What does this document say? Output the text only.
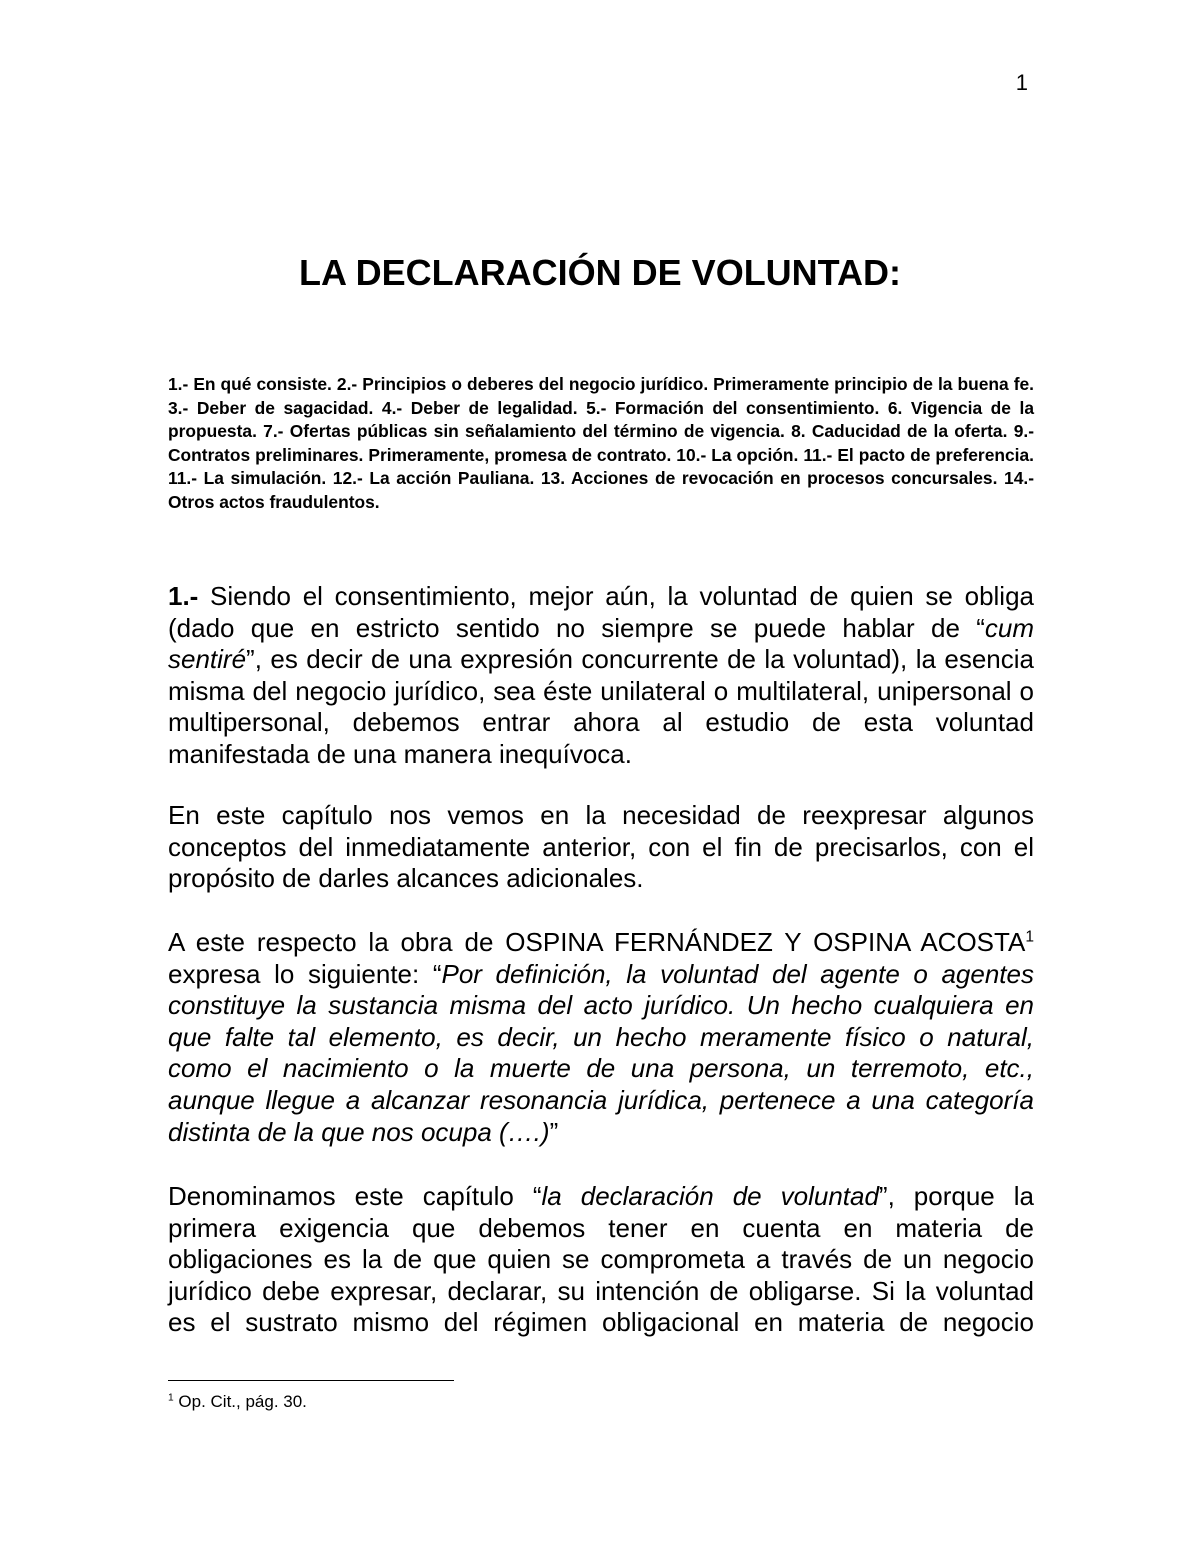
1
LA DECLARACIÓN DE VOLUNTAD:

1.- En qué consiste. 2.- Principios o deberes del negocio jurídico. Primeramente principio de la buena fe. 3.- Deber de sagacidad. 4.- Deber de legalidad. 5.- Formación del consentimiento. 6. Vigencia de la propuesta. 7.- Ofertas públicas sin señalamiento del término de vigencia. 8. Caducidad de la oferta. 9.- Contratos preliminares. Primeramente, promesa de contrato. 10.- La opción. 11.- El pacto de preferencia. 11.- La simulación. 12.- La acción Pauliana. 13. Acciones de revocación en procesos concursales. 14.- Otros actos fraudulentos.

1.- Siendo el consentimiento, mejor aún, la voluntad de quien se obliga (dado que en estricto sentido no siempre se puede hablar de “cum sentiré”, es decir de una expresión concurrente de la voluntad), la esencia misma del negocio jurídico, sea éste unilateral o multilateral, unipersonal o multipersonal, debemos entrar ahora al estudio de esta voluntad manifestada de una manera inequívoca.

En este capítulo nos vemos en la necesidad de reexpresar algunos conceptos del inmediatamente anterior, con el fin de precisarlos, con el propósito de darles alcances adicionales.

A este respecto la obra de OSPINA FERNÁNDEZ Y OSPINA ACOSTA$^1$ expresa lo siguiente: “Por definición, la voluntad del agente o agentes constituye la sustancia misma del acto jurídico. Un hecho cualquiera en que falte tal elemento, es decir, un hecho meramente físico o natural, como el nacimiento o la muerte de una persona, un terremoto, etc., aunque llegue a alcanzar resonancia jurídica, pertenece a una categoría distinta de la que nos ocupa (….)”

Denominamos este capítulo “la declaración de voluntad”, porque la primera exigencia que debemos tener en cuenta en materia de obligaciones es la de que quien se comprometa a través de un negocio jurídico debe expresar, declarar, su intención de obligarse. Si la voluntad es el sustrato mismo del régimen obligacional en materia de negocio

$^1$ Op. Cit., pág. 30.
